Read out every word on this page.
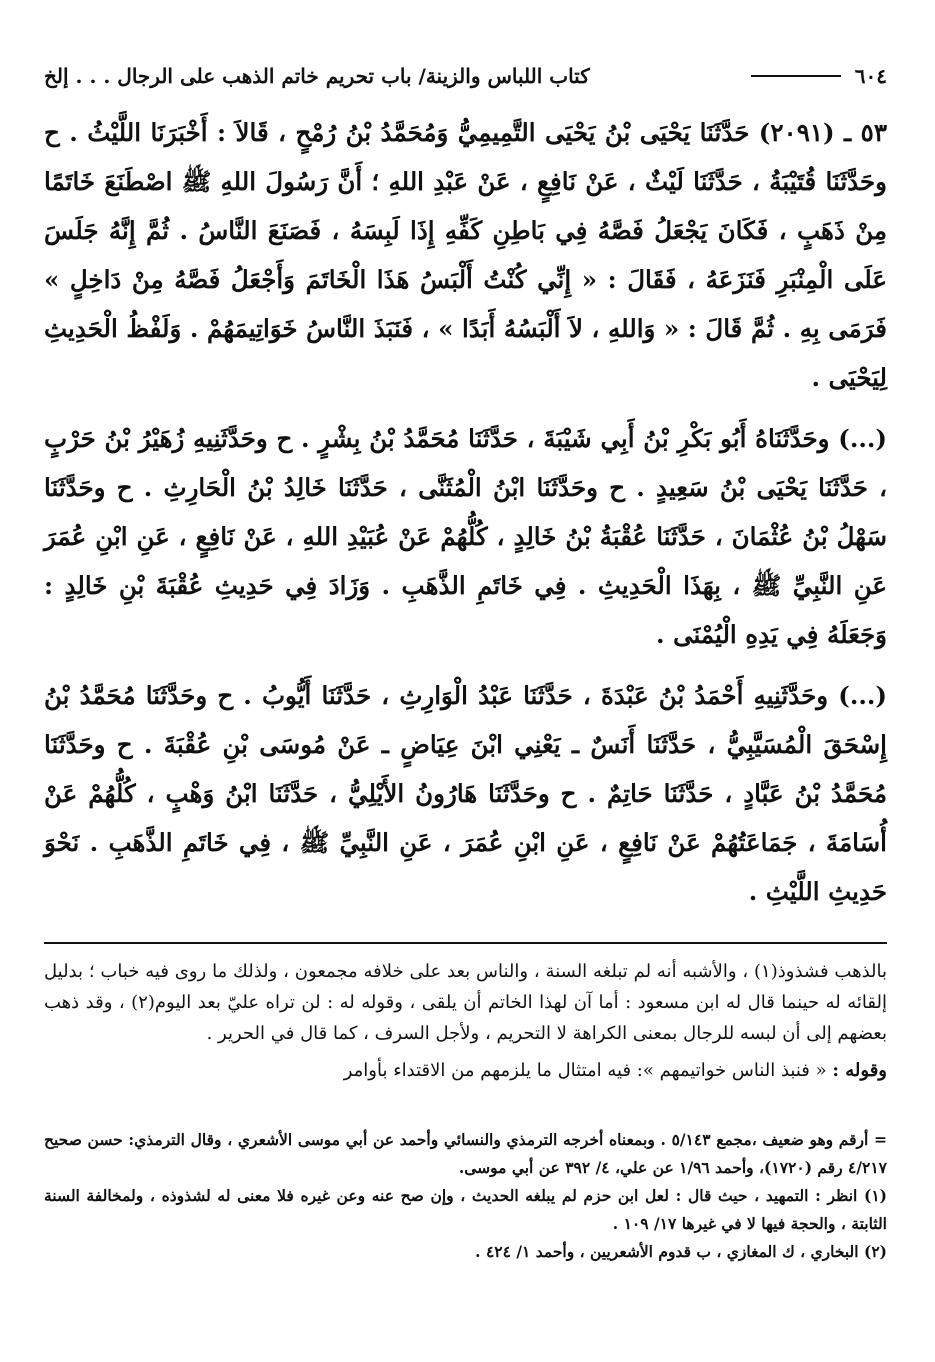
٦٠٤
كتاب اللباس والزينة/ باب تحريم خاتم الذهب على الرجال . . . إلخ

٥٣ ـ (٢٠٩١) حَدَّثَنَا يَحْيَى بْنُ يَحْيَى التَّمِيمِيُّ وَمُحَمَّدُ بْنُ رُمْحٍ ، قَالاَ : أَخْبَرَنَا اللَّيْثُ . ح وحَدَّثَنَا قُتَيْبَةُ ، حَدَّثَنَا لَيْثٌ ، عَنْ نَافِعٍ ، عَنْ عَبْدِ اللهِ ؛ أَنَّ رَسُولَ اللهِ ﷺ اصْطَنَعَ خَاتَمًا مِنْ ذَهَبٍ ، فَكَانَ يَجْعَلُ فَصَّهُ فِي بَاطِنِ كَفِّهِ إِذَا لَبِسَهُ ، فَصَنَعَ النَّاسُ . ثُمَّ إِنَّهُ جَلَسَ عَلَى الْمِنْبَرِ فَنَزَعَهُ ، فَقَالَ : « إِنِّي كُنْتُ أَلْبَسُ هَذَا الْخَاتَمَ وَأَجْعَلُ فَصَّهُ مِنْ دَاخِلٍ » فَرَمَى بِهِ . ثُمَّ قَالَ : « وَاللهِ ، لاَ أَلْبَسُهُ أَبَدًا » ، فَنَبَذَ النَّاسُ خَوَاتِيمَهُمْ . وَلَفْظُ الْحَدِيثِ لِيَحْيَى .

(...) وحَدَّثَنَاهُ أَبُو بَكْرِ بْنُ أَبِي شَيْبَةَ ، حَدَّثَنَا مُحَمَّدُ بْنُ بِشْرٍ . ح وحَدَّثَنِيهِ زُهَيْرُ بْنُ حَرْبٍ ، حَدَّثَنَا يَحْيَى بْنُ سَعِيدٍ . ح وحَدَّثَنَا ابْنُ الْمُثَنَّى ، حَدَّثَنَا خَالِدُ بْنُ الْحَارِثِ . ح وحَدَّثَنَا سَهْلُ بْنُ عُثْمَانَ ، حَدَّثَنَا عُقْبَةُ بْنُ خَالِدٍ ، كُلُّهُمْ عَنْ عُبَيْدِ اللهِ ، عَنْ نَافِعٍ ، عَنِ ابْنِ عُمَرَ عَنِ النَّبِيِّ ﷺ ، بِهَذَا الْحَدِيثِ . فِي خَاتَمِ الذَّهَبِ . وَزَادَ فِي حَدِيثِ عُقْبَةَ بْنِ خَالِدٍ : وَجَعَلَهُ فِي يَدِهِ الْيُمْنَى .

(...) وحَدَّثَنِيهِ أَحْمَدُ بْنُ عَبْدَةَ ، حَدَّثَنَا عَبْدُ الْوَارِثِ ، حَدَّثَنَا أَيُّوبُ . ح وحَدَّثَنَا مُحَمَّدُ بْنُ إِسْحَقَ الْمُسَيَّبِيُّ ، حَدَّثَنَا أَنَسٌ ـ يَعْنِي ابْنَ عِيَاضٍ ـ عَنْ مُوسَى بْنِ عُقْبَةَ . ح وحَدَّثَنَا مُحَمَّدُ بْنُ عَبَّادٍ ، حَدَّثَنَا حَاتِمٌ . ح وحَدَّثَنَا هَارُونُ الأَيْلِيُّ ، حَدَّثَنَا ابْنُ وَهْبٍ ، كُلُّهُمْ عَنْ أُسَامَةَ ، جَمَاعَتُهُمْ عَنْ نَافِعٍ ، عَنِ ابْنِ عُمَرَ ، عَنِ النَّبِيِّ ﷺ ، فِي خَاتَمِ الذَّهَبِ . نَحْوَ حَدِيثِ اللَّيْثِ .

بالذهب فشذوذ(١) ، والأشبه أنه لم تبلغه السنة ، والناس بعد على خلافه مجمعون ، ولذلك ما روى فيه خباب ؛ بدليل إلقائه له حينما قال له ابن مسعود : أما آن لهذا الخاتم أن يلقى ، وقوله له : لن تراه عليّ بعد اليوم(٢) ، وقد ذهب بعضهم إلى أن لبسه للرجال بمعنى الكراهة لا التحريم ، ولأجل السرف ، كما قال في الحرير .

وقوله : « فنبذ الناس خواتيمهم »: فيه امتثال ما يلزمهم من الاقتداء بأوامر

= أرقم وهو ضعيف ،مجمع ٥/١٤٣ . وبمعناه أخرجه الترمذي والنسائي وأحمد عن أبي موسى الأشعري ، وقال الترمذي: حسن صحيح ٤/٢١٧ رقم (١٧٢٠)، وأحمد ١/٩٦ عن علي، ٤/ ٣٩٢ عن أبي موسى.

(١) انظر : التمهيد ، حيث قال : لعل ابن حزم لم يبلغه الحديث ، وإن صح عنه وعن غيره فلا معنى له لشذوذه ، ولمخالفة السنة الثابتة ، والحجة فيها لا في غيرها ١٧/ ١٠٩ .

(٢) البخاري ، ك المغازي ، ب قدوم الأشعريين ، وأحمد ١/ ٤٢٤ .
